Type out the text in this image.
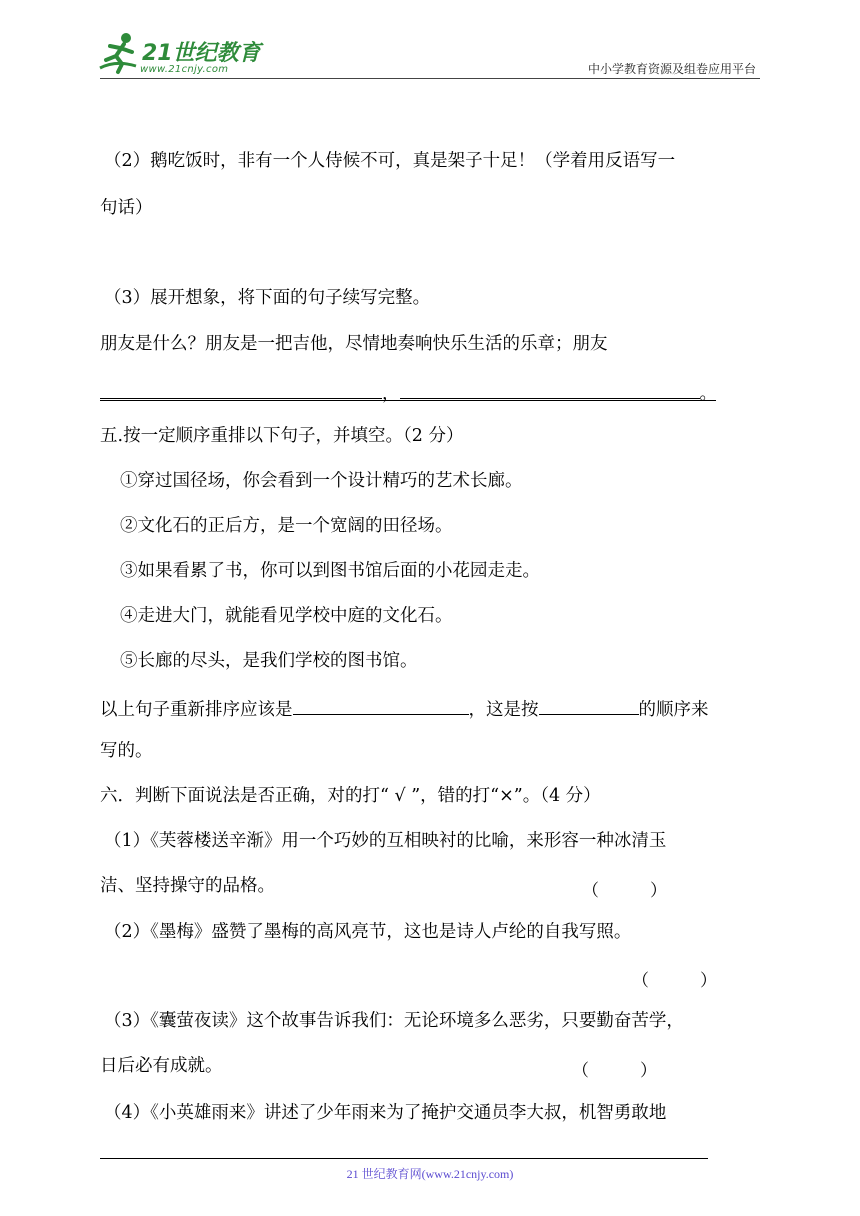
21世纪教育
www.21cnjy.com	中小学教育资源及组卷应用平台
（2）鹅吃饭时，非有一个人侍候不可，真是架子十足！（学着用反语写一
句话）
（3）展开想象，将下面的句子续写完整。
朋友是什么？朋友是一把吉他，尽情地奏响快乐生活的乐章；朋友
，	。
五.按一定顺序重排以下句子，并填空。（2 分）
①穿过国径场，你会看到一个设计精巧的艺术长廊。
②文化石的正后方，是一个宽阔的田径场。
③如果看累了书，你可以到图书馆后面的小花园走走。
④走进大门，就能看见学校中庭的文化石。
⑤长廊的尽头，是我们学校的图书馆。
以上句子重新排序应该是	，这是按	的顺序来
写的。
六．判断下面说法是否正确，对的打“ √ ”，错的打“×”。（4 分）
（1）《芙蓉楼送辛渐》用一个巧妙的互相映衬的比喻，来形容一种冰清玉
洁、坚持操守的品格。	（　　　）
（2）《墨梅》盛赞了墨梅的高风亮节，这也是诗人卢纶的自我写照。
（　　　）
（3）《囊萤夜读》这个故事告诉我们：无论环境多么恶劣，只要勤奋苦学，
日后必有成就。	（　　　）
（4）《小英雄雨来》讲述了少年雨来为了掩护交通员李大叔，机智勇敢地
21 世纪教育网(www.21cnjy.com)
